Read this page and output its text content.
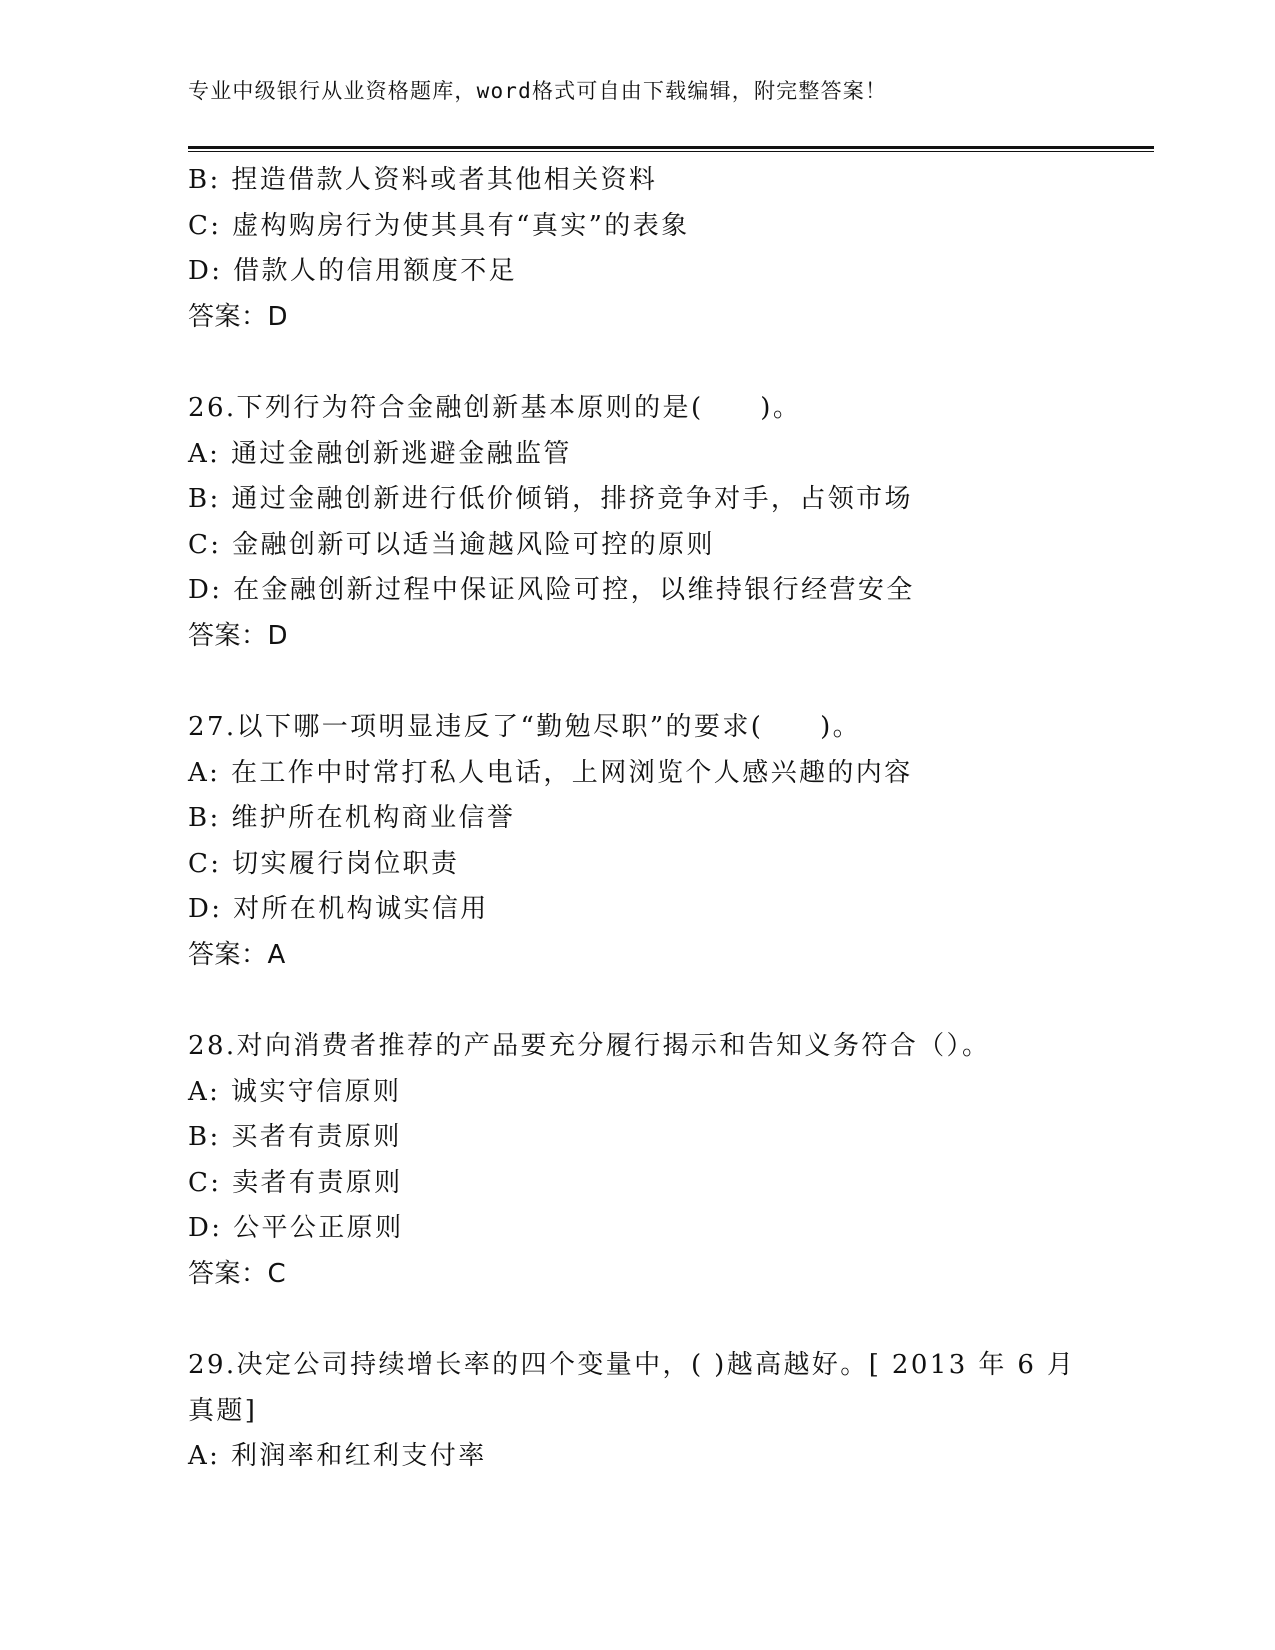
专业中级银行从业资格题库，word格式可自由下载编辑，附完整答案！
B: 捏造借款人资料或者其他相关资料
C: 虚构购房行为使其具有“真实”的表象
D: 借款人的信用额度不足
答案：D
26.下列行为符合金融创新基本原则的是(　　)。
A: 通过金融创新逃避金融监管
B: 通过金融创新进行低价倾销，排挤竞争对手，占领市场
C: 金融创新可以适当逾越风险可控的原则
D: 在金融创新过程中保证风险可控，以维持银行经营安全
答案：D
27.以下哪一项明显违反了“勤勉尽职”的要求(　　)。
A: 在工作中时常打私人电话，上网浏览个人感兴趣的内容
B: 维护所在机构商业信誉
C: 切实履行岗位职责
D: 对所在机构诚实信用
答案：A
28.对向消费者推荐的产品要充分履行揭示和告知义务符合（）。
A: 诚实守信原则
B: 买者有责原则
C: 卖者有责原则
D: 公平公正原则
答案：C
29.决定公司持续增长率的四个变量中，( )越高越好。[ 2013 年 6 月真题]
A: 利润率和红利支付率
